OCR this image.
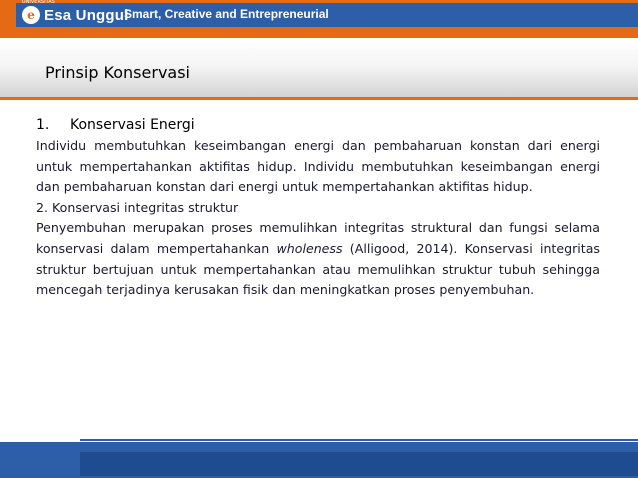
e Esa Unggul
UNIVERSITAS
Smart, Creative and Entrepreneurial
Prinsip Konservasi
1.	Konservasi Energi

Individu membutuhkan keseimbangan energi dan pembaharuan konstan dari energi untuk mempertahankan aktifitas hidup. Individu membutuhkan keseimbangan energi dan pembaharuan konstan dari energi untuk mempertahankan aktifitas hidup.

2. Konservasi integritas struktur

Penyembuhan merupakan proses memulihkan integritas struktural dan fungsi selama konservasi dalam mempertahankan wholeness (Alligood, 2014). Konservasi integritas struktur bertujuan untuk mempertahankan atau memulihkan struktur tubuh sehingga mencegah terjadinya kerusakan fisik dan meningkatkan proses penyembuhan.
